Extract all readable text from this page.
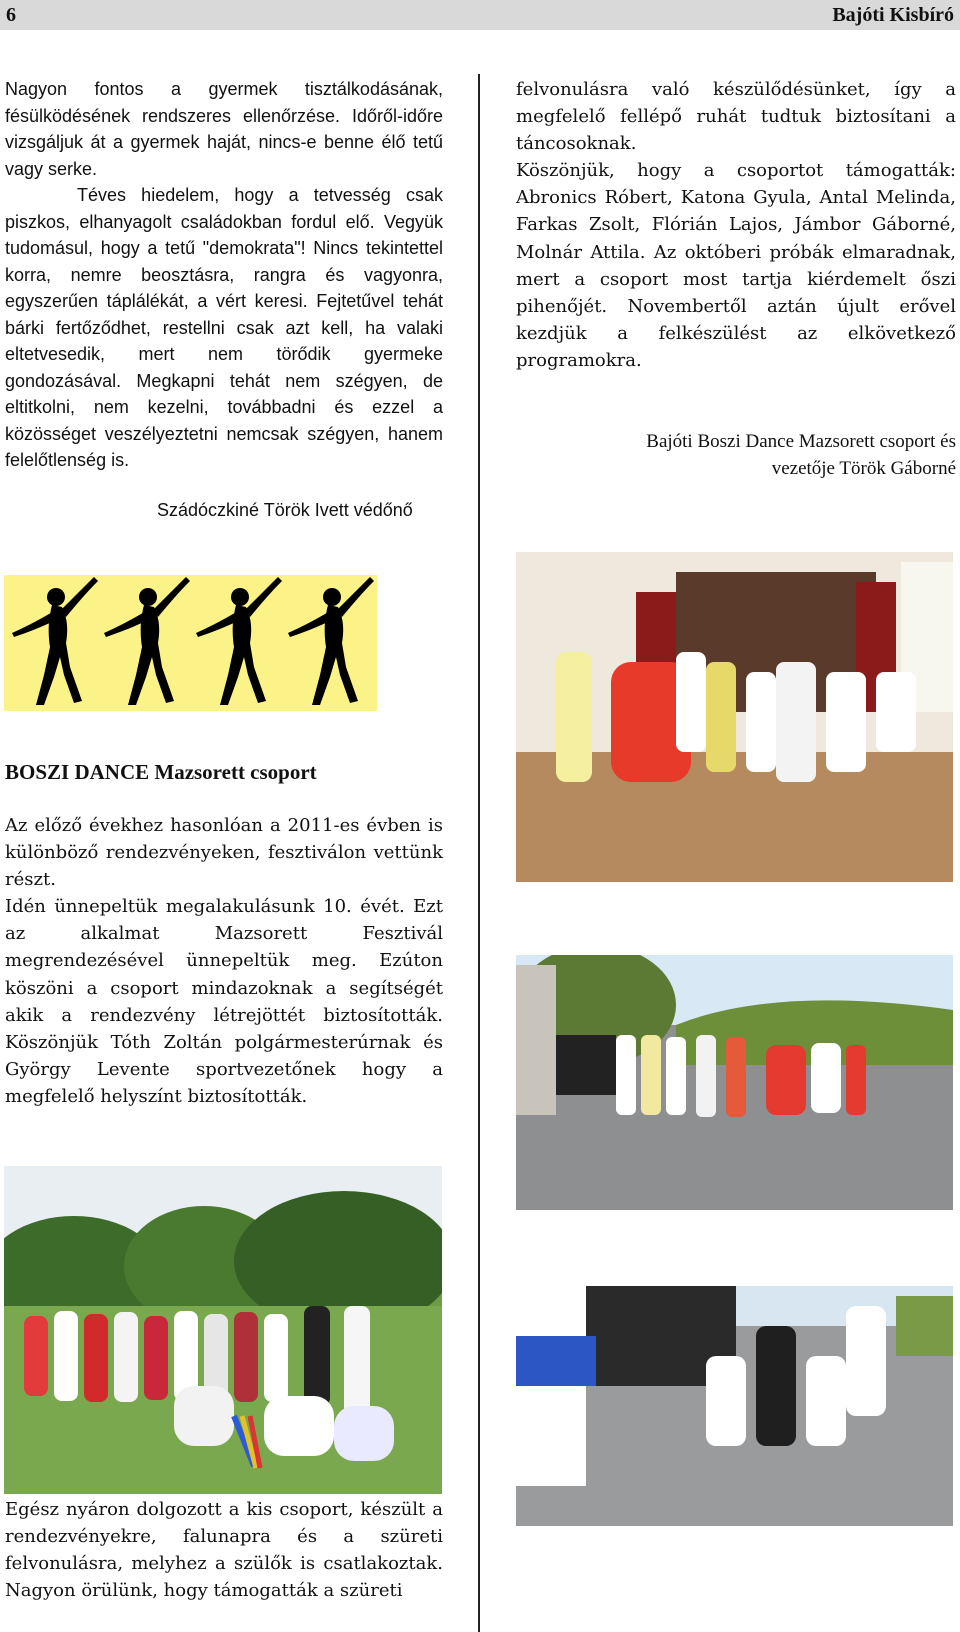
6	Bajóti Kisbíró

Nagyon fontos a gyermek tisztálkodásának, fésülködésének rendszeres ellenőrzése. Időről-időre vizsgáljuk át a gyermek haját, nincs-e benne élő tetű vagy serke.

Téves hiedelem, hogy a tetvesség csak piszkos, elhanyagolt családokban fordul elő. Vegyük tudomásul, hogy a tetű "demokrata"! Nincs tekintettel korra, nemre beosztásra, rangra és vagyonra, egyszerűen táplálékát, a vért keresi. Fejtetűvel tehát bárki fertőződhet, restellni csak azt kell, ha valaki eltetvesedik, mert nem törődik gyermeke gondozásával. Megkapni tehát nem szégyen, de eltitkolni, nem kezelni, továbbadni és ezzel a közösséget veszélyeztetni nemcsak szégyen, hanem felelőtlenség is.

Szádóczkiné Török Ivett védőnő

felvonulásra való készülődésünket, így a megfelelő fellépő ruhát tudtuk biztosítani a táncosoknak.

Köszönjük, hogy a csoportot támogatták: Abronics Róbert, Katona Gyula, Antal Melinda, Farkas Zsolt, Flórián Lajos, Jámbor Gáborné, Molnár Attila. Az októberi próbák elmaradnak, mert a csoport most tartja kiérdemelt őszi pihenőjét. Novembertől aztán újult erővel kezdjük a felkészülést az elkövetkező programokra.

Bajóti Boszi Dance Mazsorett csoport és
vezetője Török Gáborné
BOSZI DANCE Mazsorett csoport

Az előző évekhez hasonlóan a 2011-es évben is különböző rendezvényeken, fesztiválon vettünk részt.

Idén ünnepeltük megalakulásunk 10. évét. Ezt az alkalmat Mazsorett Fesztivál megrendezésével ünnepeltük meg. Ezúton köszöni a csoport mindazoknak a segítségét akik a rendezvény létrejöttét biztosították. Köszönjük Tóth Zoltán polgármesterúrnak és György Levente sportvezetőnek hogy a megfelelő helyszínt biztosították.

Egész nyáron dolgozott a kis csoport, készült a rendezvényekre, falunapra és a szüreti felvonulásra, melyhez a szülők is csatlakoztak. Nagyon örülünk, hogy támogatták a szüreti
